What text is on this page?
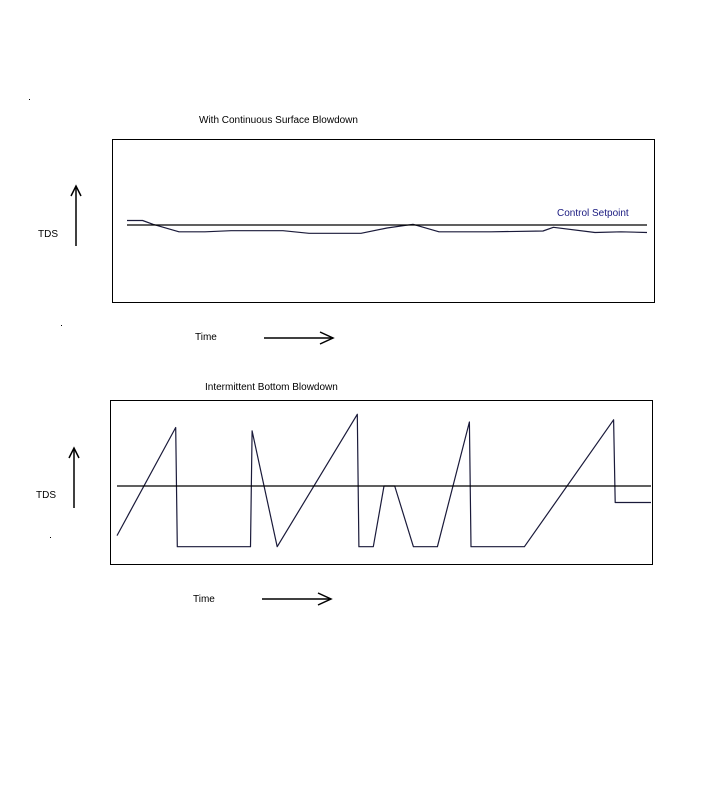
With Continuous Surface Blowdown
TDS
Control Setpoint
Time
Intermittent Bottom Blowdown
TDS
Time
